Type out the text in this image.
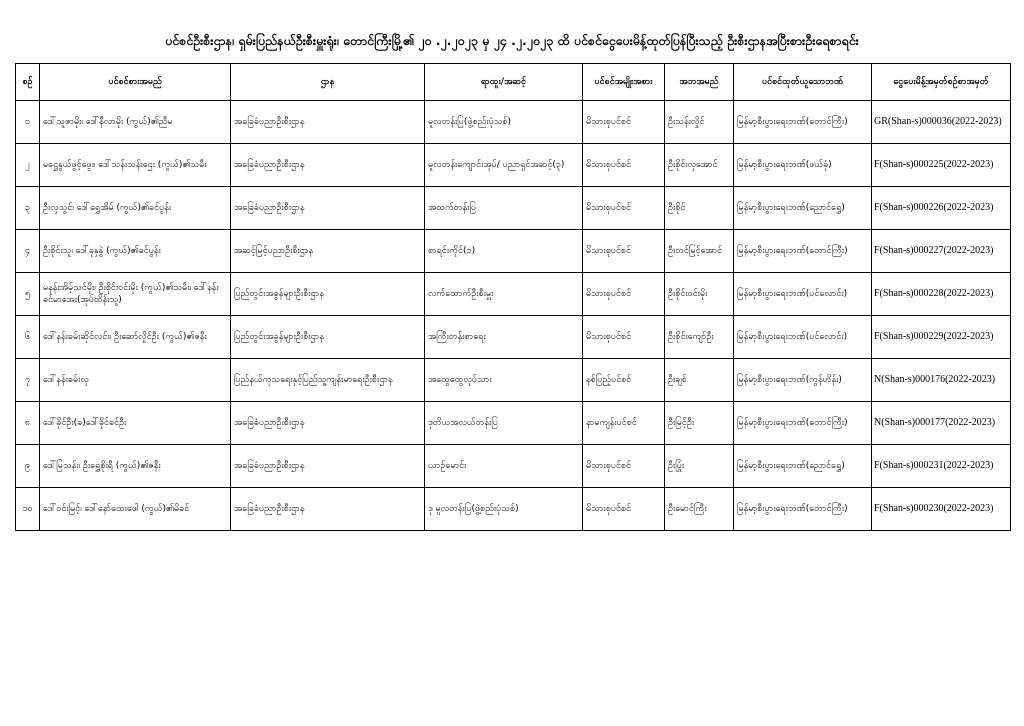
ပင်စင်ဦးစီးဌာန၊ ရှမ်းပြည်နယ်ဦးစီးမှူးရုံး၊ တောင်ကြီးမြို့၏ ၂၀ .၂.၂၀၂၃ မှ ၂၄ .၂.၂၀၂၃ ထိ ပင်စင်ငွေပေးမိန့်ထုတ်ပြန်ပြီးသည့် ဦးစီးဌာနအပြီးစားဦးရေစာရင်း
စဉ်	ပင်စင်စားအမည်	ဌာန	ရာထူး/အဆင့်	ပင်စင်အမျိုးအစား	အဘအမည်	ပင်စင်ထုတ်ယူသောဘဏ်	ငွေပေးမိန့်အမှတ်စဉ်စာအမှတ်
၁	ဒေါ်သူဇာမိုး၊ ဒေါ်နီလာမိုး (ကွယ်)၏ညီမ	အခြေခံပညာဦးစီးဌာန	မူလတန်းပြ(ဖွဲ့စည်းပုံသစ်)	မိသားစုပင်စင်	ဦးသန်းလှိုင်	မြန်မာ့စီးပွားရေးဘဏ်(တောင်ကြီး)	GR(Shan-s)000036(2022-2023)
၂	မဋ္ဌေနွယ်ဖွင့်ဖွေး၊ ဒေါ်သန်းသန်းဌေး (ကွယ်)၏သမီး	အခြေခံပညာဦးစီးဌာန	မူလတန်းကျောင်းအုပ်/ ပညာရှင်အဆင့်(၃)	မိသားစုပင်စင်	ဦးစိုင်းလှအောင်	မြန်မာ့စီးပွားရေးဘဏ်(ဖယ်ခုံ)	F(Shan-s)000225(2022-2023)
၃	ဦးလှသွင်၊ ဒေါ်ရွှေအိမ် (ကွယ်)၏ခင်ပွန်း	အခြေခံပညာဦးစီးဌာန	အထက်တန်းပြ	မိသားစုပင်စင်	ဦးစိုင်	မြန်မာ့စီးပွားရေးဘဏ်(ညောင်ရွှေ)	F(Shan-s)000226(2022-2023)
၄	ဦးစိုင်းသူ၊ ဒေါ်ခုနှနွဲ (ကွယ်)၏ခင်ပွန်း	အဆင့်မြင့်ပညာဦးစီးဌာန	စာရင်းကိုင်(၁)	မိသားစုပင်စင်	ဦးတင်မြင့်အောင်	မြန်မာ့စီးပွားရေးဘဏ်(တောင်ကြီး)	F(Shan-s)000227(2022-2023)
၅	မနန်းအိမ့်သင်မိုး၊ ဦးစိုင်းဝင်းမိုး (ကွယ်)၏သမီး၊ ဒေါ်နန်းခင်မာအေး(အုပ်ထိန်းသူ)	ပြည်တွင်းအခွန်များဦးစီးဌာန	လက်ထောက်ဦးစီးမှူး	မိသားစုပင်စင်	ဦးစိုင်းဝင်းမိုး	မြန်မာ့စီးပွားရေးဘဏ်(ပင်လောင်း)	F(Shan-s)000228(2022-2023)
၆	ဒေါ်နန်းခမ်းဆိုင်လင်း၊ ဦးဆော်လှိုင်ဦး (ကွယ်)၏ဇနီး	ပြည်တွင်းအခွန်များဦးစီးဌာန	အကြီးတန်းစာရေး	မိသားစုပင်စင်	ဦးစိုင်းကျော်ဦး	မြန်မာ့စီးပွားရေးဘဏ်(ပင်လောင်း)	F(Shan-s)000229(2022-2023)
၇	ဒေါ်နန်းခမ်းလှ	ပြည်နယ်ကုသရေးနှင့်ပြည်သူ့ကျန်းမာရေးဦးစီးဌာန	အထွေထွေလုပ်သား	နစ်ပြည့်ပင်စင်	ဦးချစ်	မြန်မာ့စီးပွားရေးဘဏ်(ကွန်ဟိန်း)	N(Shan-s)000176(2022-2023)
၈	ဒေါ်ခိုင်ဦး(ခ)ဒေါ်ခိုင်ခင်ဦး	အခြေခံပညာဦးစီးဌာန	ဒုတိယအလယ်တန်းပြ	နာမကျန်းပင်စင်	ဦးမြင့်ဦး	မြန်မာ့စီးပွားရေးဘဏ်(တောင်ကြီး)	N(Shan-s)000177(2022-2023)
၉	ဒေါ်မြသန်း၊ ဦးရွှေစိုးရီ (ကွယ်)၏ဇနီး	အခြေခံပညာဦးစီးဌာန	ယာဉ်မောင်း	မိသားစုပင်စင်	ဦးပြုံး	မြန်မာ့စီးပွားရေးဘဏ်(ညောင်ရွှေ)	F(Shan-s)000231(2022-2023)
၁၀	ဒေါ်ဝင်းမြင့်၊ ဒေါ်နော်ထေးဖေါ (ကွယ်)၏မိခင်	အခြေခံပညာဦးစီးဌာန	ဒု မူလတန်းပြ(ဖွဲ့စည်းပုံသစ်)	မိသားစုပင်စင်	ဦးမောင်ကြီး	မြန်မာ့စီးပွားရေးဘဏ်(တောင်ကြီး)	F(Shan-s)000230(2022-2023)
